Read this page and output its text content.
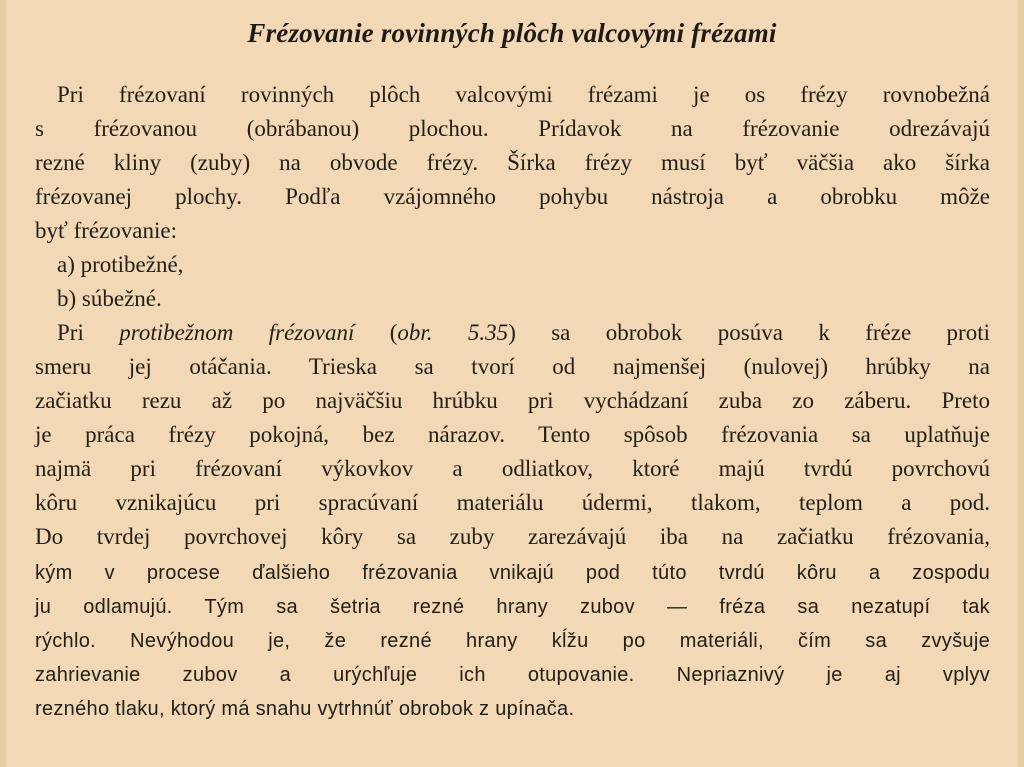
Frézovanie rovinných plôch valcovými frézami

Pri frézovaní rovinných plôch valcovými frézami je os frézy rovnobežná

s frézovanou (obrábanou) plochou. Prídavok na frézovanie odrezávajú

rezné kliny (zuby) na obvode frézy. Šírka frézy musí byť väčšia ako šírka

frézovanej plochy. Podľa vzájomného pohybu nástroja a obrobku môže

byť frézovanie:

a) protibežné,

b) súbežné.

Pri protibežnom frézovaní (obr. 5.35) sa obrobok posúva k fréze proti

smeru jej otáčania. Trieska sa tvorí od najmenšej (nulovej) hrúbky na

začiatku rezu až po najväčšiu hrúbku pri vychádzaní zuba zo záberu. Preto

je práca frézy pokojná, bez nárazov. Tento spôsob frézovania sa uplatňuje

najmä pri frézovaní výkovkov a odliatkov, ktoré majú tvrdú povrchovú

kôru vznikajúcu pri spracúvaní materiálu údermi, tlakom, teplom a pod.

Do tvrdej povrchovej kôry sa zuby zarezávajú iba na začiatku frézovania,

kým v procese ďalšieho frézovania vnikajú pod túto tvrdú kôru a zospodu

ju odlamujú. Tým sa šetria rezné hrany zubov — fréza sa nezatupí tak

rýchlo. Nevýhodou je, že rezné hrany kĺžu po materiáli, čím sa zvyšuje

zahrievanie zubov a urýchľuje ich otupovanie. Nepriaznivý je aj vplyv

rezného tlaku, ktorý má snahu vytrhnúť obrobok z upínača.
